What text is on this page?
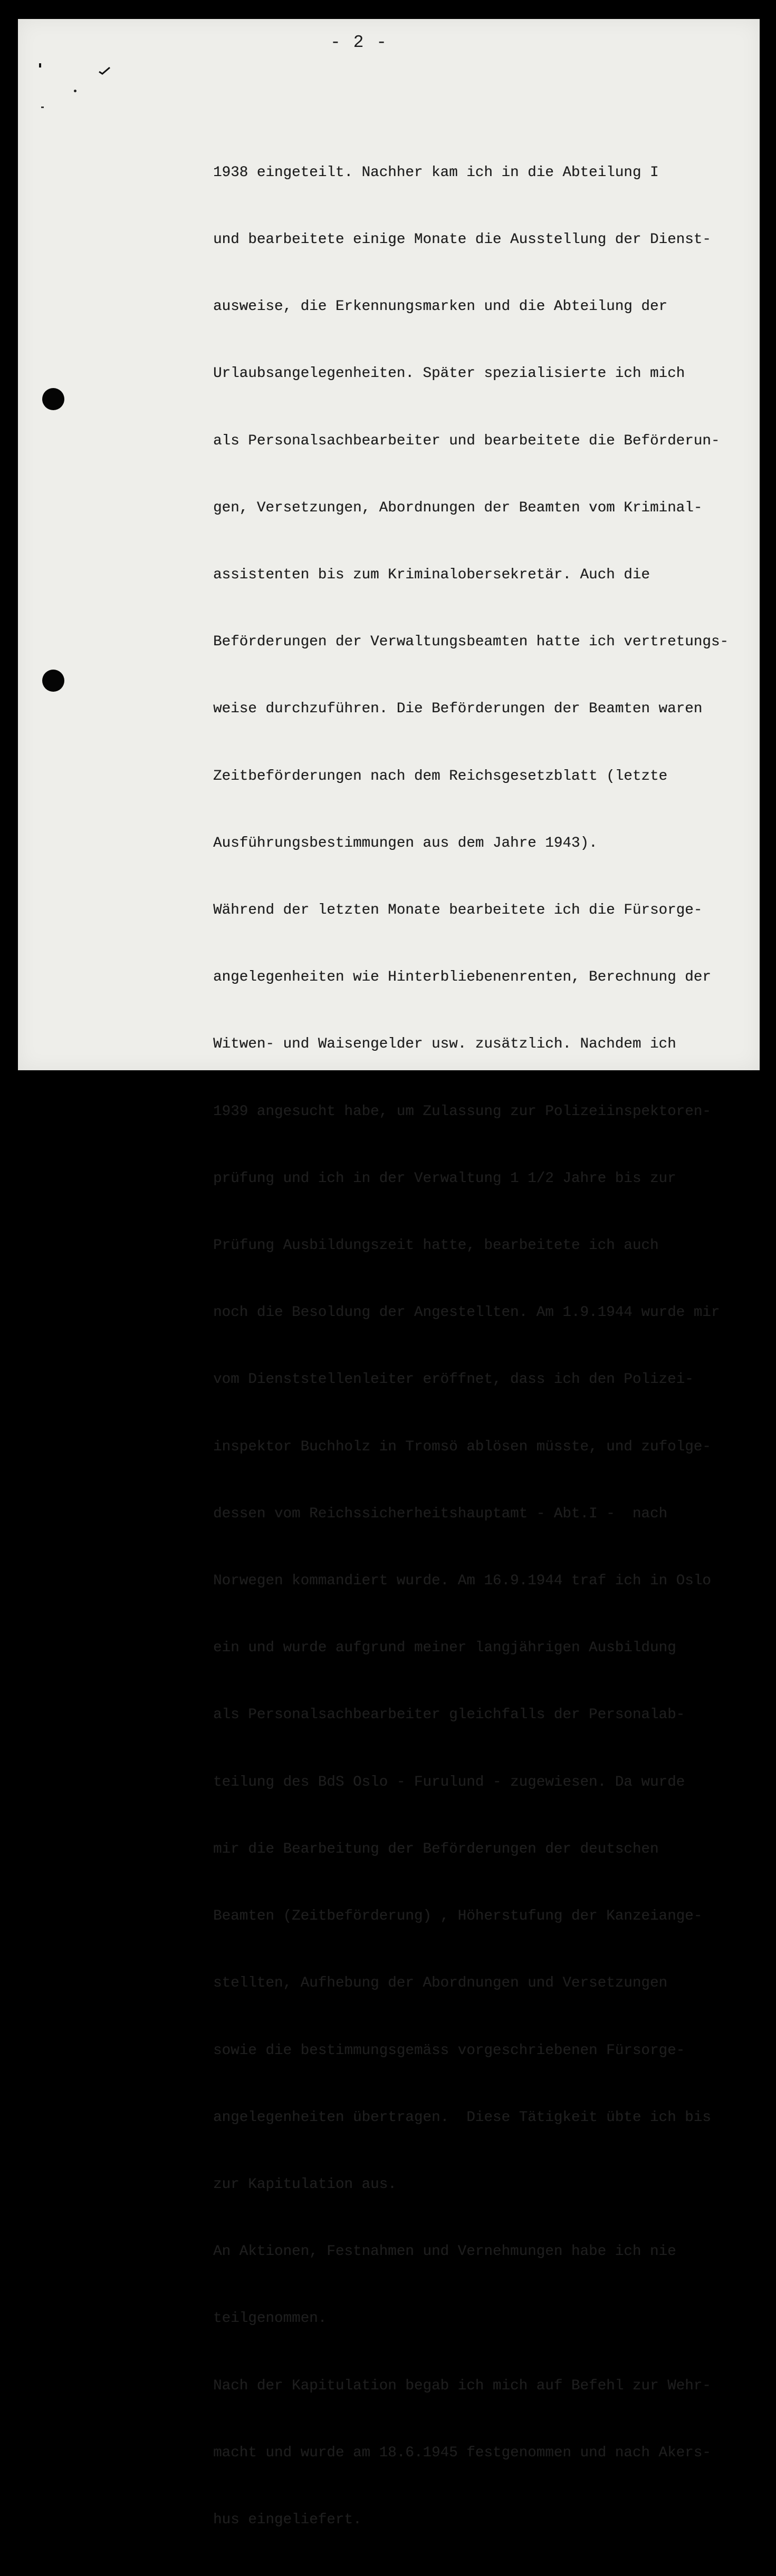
- 2 -

1938 eingeteilt. Nachher kam ich in die Abteilung I

und bearbeitete einige Monate die Ausstellung der Dienst-

ausweise, die Erkennungsmarken und die Abteilung der

Urlaubsangelegenheiten. Später spezialisierte ich mich

als Personalsachbearbeiter und bearbeitete die Beförderun-

gen, Versetzungen, Abordnungen der Beamten vom Kriminal-

assistenten bis zum Kriminalobersekretär. Auch die

Beförderungen der Verwaltungsbeamten hatte ich vertretungs-

weise durchzuführen. Die Beförderungen der Beamten waren

Zeitbeförderungen nach dem Reichsgesetzblatt (letzte

Ausführungsbestimmungen aus dem Jahre 1943).

Während der letzten Monate bearbeitete ich die Fürsorge-

angelegenheiten wie Hinterbliebenenrenten, Berechnung der

Witwen- und Waisengelder usw. zusätzlich. Nachdem ich

1939 angesucht habe, um Zulassung zur Polizeiinspektoren-

prüfung und ich in der Verwaltung 1 1/2 Jahre bis zur

Prüfung Ausbildungszeit hatte, bearbeitete ich auch

noch die Besoldung der Angestellten. Am 1.9.1944 wurde mir

vom Dienststellenleiter eröffnet, dass ich den Polizei-

inspektor Buchholz in Tromsö ablösen müsste, und zufolge-

dessen vom Reichssicherheitshauptamt - Abt.I -  nach

Norwegen kommandiert wurde. Am 16.9.1944 traf ich in Oslo

ein und wurde aufgrund meiner langjährigen Ausbildung

als Personalsachbearbeiter gleichfalls der Personalab-

teilung des BdS Oslo - Furulund - zugewiesen. Da wurde

mir die Bearbeitung der Beförderungen der deutschen

Beamten (Zeitbeförderung) , Höherstufung der Kanzeiange-

stellten, Aufhebung der Abordnungen und Versetzungen

sowie die bestimmungsgemäss vorgeschriebenen Fürsorge-

angelegenheiten übertragen.  Diese Tätigkeit übte ich bis

zur Kapitulation aus.

An Aktionen, Festnahmen und Vernehmungen habe ich nie

teilgenommen.

Nach der Kapitulation begab ich mich auf Befehl zur Wehr-

macht und wurde am 18.6.1945 festgenommen und nach Akers-

hus eingeliefert.
